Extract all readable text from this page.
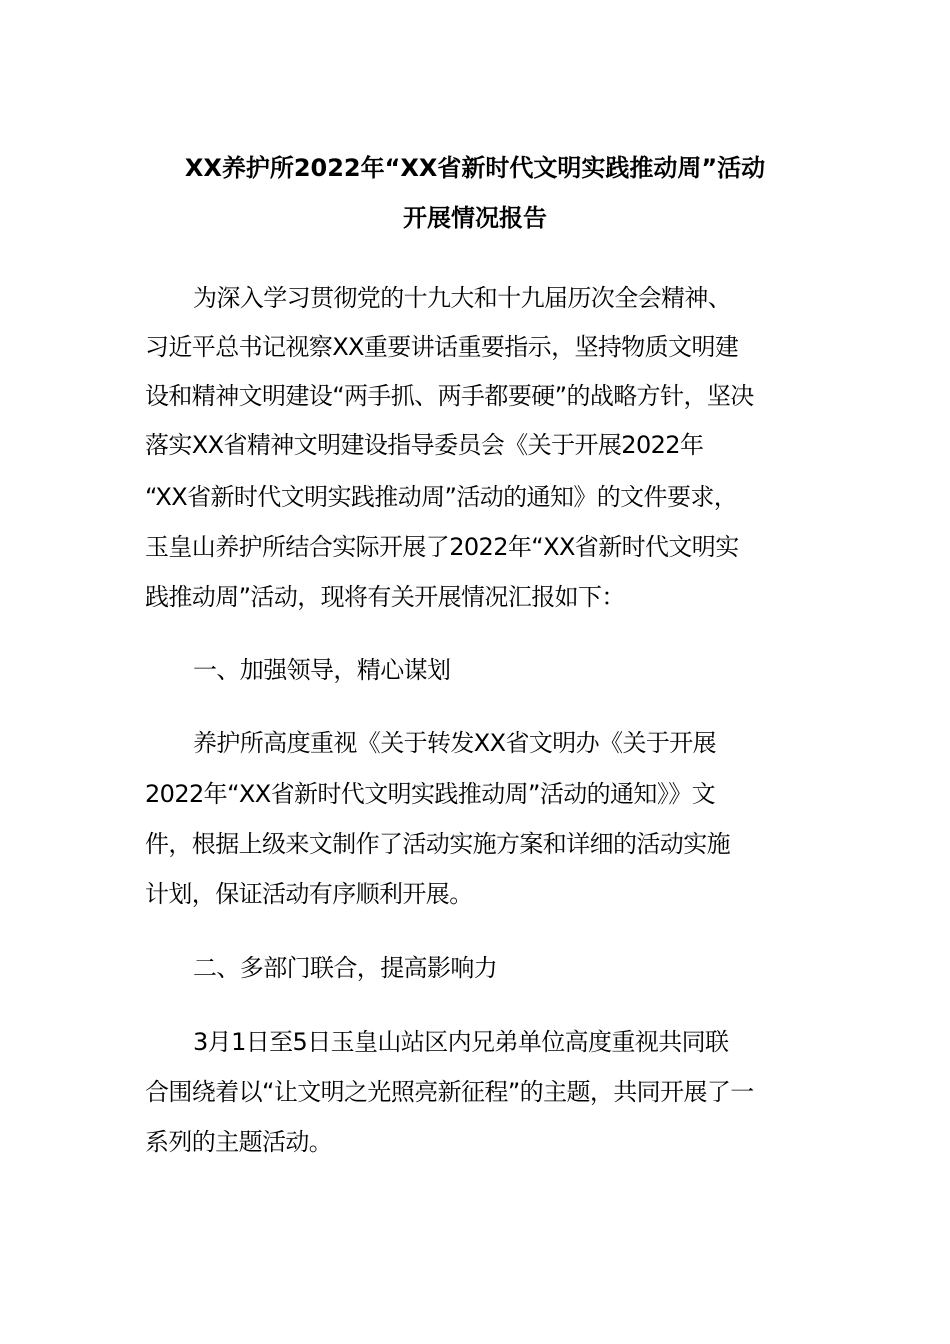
XX养护所2022年“XX省新时代文明实践推动周”活动
开展情况报告
为深入学习贯彻党的十九大和十九届历次全会精神、
习近平总书记视察XX重要讲话重要指示，坚持物质文明建
设和精神文明建设“两手抓、两手都要硬”的战略方针，坚决
落实XX省精神文明建设指导委员会《关于开展2022年
“XX省新时代文明实践推动周”活动的通知》的文件要求，
玉皇山养护所结合实际开展了2022年“XX省新时代文明实
践推动周”活动，现将有关开展情况汇报如下：
一、加强领导，精心谋划
养护所高度重视《关于转发XX省文明办《关于开展
2022年“XX省新时代文明实践推动周”活动的通知》》文
件，根据上级来文制作了活动实施方案和详细的活动实施
计划，保证活动有序顺利开展。
二、多部门联合，提高影响力
3月1日至5日玉皇山站区内兄弟单位高度重视共同联
合围绕着以“让文明之光照亮新征程”的主题，共同开展了一
系列的主题活动。
